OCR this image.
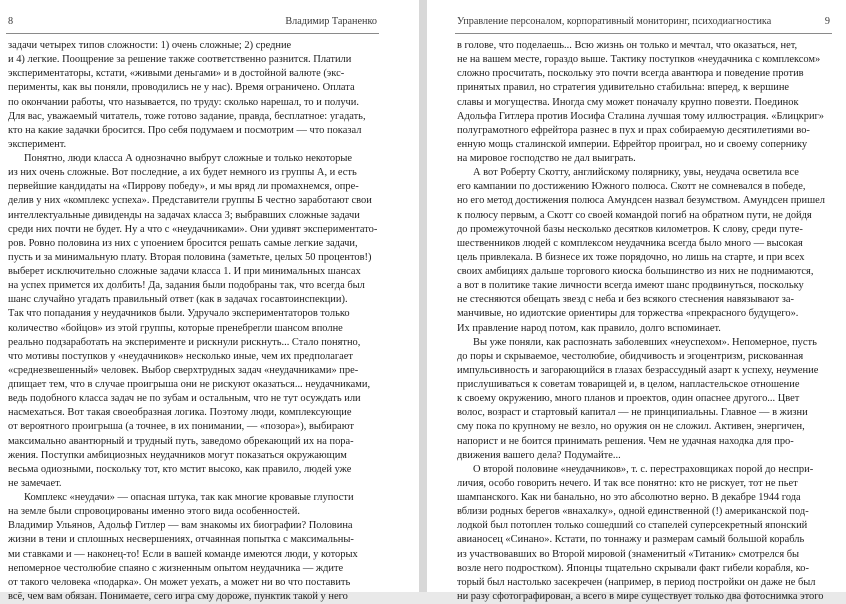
8	Владимир Тараненко
задачи четырех типов сложности: 1) очень сложные; 2) средние
и 4) легкие. Поощрение за решение также соответственно разнится. Платили
экспериментаторы, кстати, «живыми деньгами» и в достойной валюте (экс-
перименты, как вы поняли, проводились не у нас). Время ограничено. Оплата
по окончании работы, что называется, по труду: сколько нарешал, то и получи.
Для вас, уважаемый читатель, тоже готово задание, правда, бесплатное: угадать,
кто на какие задачки бросится. Про себя подумаем и посмотрим — что показал
эксперимент.
Понятно, люди класса А однозначно выбрут сложные и только некоторые
из них очень сложные. Вот последние, а их будет немного из группы А, и есть
первейшие кандидаты на «Пиррову победу», и мы вряд ли промахнемся, опре-
делив у них «комплекс успеха». Представители группы Б честно заработают свои
интеллектуальные дивиденды на задачах класса 3; выбравших сложные задачи
среди них почти не будет. Ну а что с «неудачниками». Они удивят экспериментато-
ров. Ровно половина из них с упоением бросится решать самые легкие задачи,
пусть и за минимальную плату. Вторая половина (заметьте, целых 50 процентов!)
выберет исключительно сложные задачи класса 1. И при минимальных шансах
на успех примется их долбить! Да, задания были подобраны так, что всегда был
шанс случайно угадать правильный ответ (как в задачах госавтоинспекции).
Так что попадания у неудачников были. Удручало экспериментаторов только
количество «бойцов» из этой группы, которые пренебрегли шансом вполне
реально подзаработать на эксперименте и рискнули рискнуть... Стало понятно,
что мотивы поступков у «неудачников» несколько иные, чем их предполагает
«среднезвешенный» человек. Выбор сверхтрудных задач «неудачниками» пре-
дпищает тем, что в случае проигрыша они не рискуют оказаться... неудачниками,
ведь подобного класса задач не по зубам и остальным, что не тут осуждать или
насмехаться. Вот такая своеобразная логика. Поэтому люди, комплексующие
от вероятного проигрыша (а точнее, в их понимании, — «позора»), выбирают
максимально авантюрный и трудный путь, заведомо обрекающий их на пора-
жения. Поступки амбициозных неудачников могут показаться окружающим
весьма одиозными, поскольку тот, кто мстит высоко, как правило, людей уже
не замечает.
Комплекс «неудачи» — опасная штука, так как многие кровавые глупости
на земле были спровоцированы именно этого вида особенностей.
Владимир Ульянов, Адольф Гитлер — вам знакомы их биографии? Половина
жизни в тени и сплошных несвершениях, отчаянная попытка с максимальны-
ми ставками и — наконец-то! Если в вашей команде имеются люди, у которых
непомерное честолюбие спаяно с жизненным опытом неудачника — ждите
от такого человека «подарка». Он может уехать, а может ни во что поставить
всё, чем вам обязан. Понимаете, сего игра сму дороже, пунктик такой у него
Управление персоналом, корпоративный мониторинг, психодиагностика	9
в голове, что поделаешь... Всю жизнь он только и мечтал, что оказаться, нет,
не на вашем месте, гораздо выше. Тактику поступков «неудачника с комплексом»
сложно просчитать, поскольку это почти всегда авантюра и поведение против
принятых правил, но стратегия удивительно стабильна: вперед, к вершине
славы и могущества. Иногда сму может поначалу крупно повезти. Поединок
Адольфа Гитлера против Иосифа Сталина лучшая тому иллюстрация. «Блицкриг»
полуграмотного ефрейтора разнес в пух и прах собираемую десятилетиями во-
енную мощь сталинской империи. Ефрейтор проиграл, но и своему сопернику
на мировое господство не дал выиграть.
А вот Роберту Скотту, английскому полярнику, увы, неудача осветила все
его кампании по достижению Южного полюса. Скотт не сомневался в победе,
но его метод достижения полюса Амундсен назвал безумством. Амундсен пришел
к полюсу первым, а Скотт со своей командой погиб на обратном пути, не дойдя
до промежуточной базы несколько десятков километров. К слову, среди путе-
шественников людей с комплексом неудачника всегда было много — высокая
цель привлекала. В бизнесе их тоже порядочно, но лишь на старте, и при всех
своих амбициях дальше торгового киоска большинство из них не поднимаются,
а вот в политике такие личности всегда имеют шанс продвинуться, поскольку
не стесняются обещать звезд с неба и без всякого стеснения навязывают за-
манчивые, но идиотские ориентиры для торжества «прекрасного будущего».
Их правление народ потом, как правило, долго вспоминает.
Вы уже поняли, как распознать заболевших «неуспехом». Непомерное, пусть
до поры и скрываемое, честолюбие, обидчивость и эгоцентризм, рискованная
импульсивность и загорающийся в глазах безрассудный азарт к успеху, неумение
прислушиваться к советам товарищей и, в целом, напластельское отношение
к своему окружению, много планов и проектов, один опаснее другого... Цвет
волос, возраст и стартовый капитал — не принципиальны. Главное — в жизни
сму пока по крупному не везло, но оружия он не сложил. Активен, энергичен,
напорист и не боится принимать решения. Чем не удачная находка для про-
движения вашего дела? Подумайте...
О второй половине «неудачников», т. с. перестраховщиках порой до неспри-
личия, особо говорить нечего. И так все понятно: кто не рискует, тот не пьет
шампанского. Как ни банально, но это абсолютно верно. В декабре 1944 года
вблизи родных берегов «внахалку», одной единственной (!) американской под-
лодкой был потоплен только сошедший со стапелей суперсекретный японский
авианосец «Синано». Кстати, по тоннажу и размерам самый большой корабль
из участвовавших во Второй мировой (знаменитый «Титаник» смотрелся бы
возле него подростком). Японцы тщательно скрывали факт гибели корабля, ко-
торый был настолько засекречен (например, в период постройки он даже не был
ни разу сфотографирован, а всего в мире существует только два фотоснимка этого
